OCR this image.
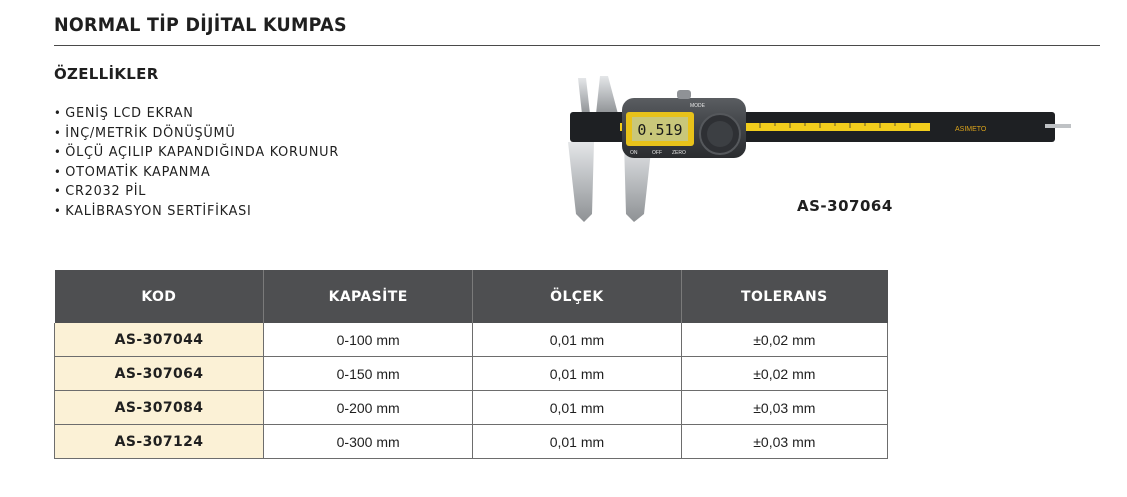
NORMAL TİP DİJİTAL KUMPAS
ÖZELLİKLER
• GENİŞ LCD EKRAN
• İNÇ/METRİK DÖNÜŞÜMÜ
• ÖLÇÜ AÇILIP KAPANDIĞINDA KORUNUR
• OTOMATİK KAPANMA
• CR2032 PİL
• KALİBRASYON SERTİFİKASI
ASIMETO
0.519
MODE
ON	OFF ZERO
AS-307064
KOD	KAPASİTE	ÖLÇEK	TOLERANS
AS-307044	0-100 mm	0,01 mm	±0,02 mm
AS-307064	0-150 mm	0,01 mm	±0,02 mm
AS-307084	0-200 mm	0,01 mm	±0,03 mm
AS-307124	0-300 mm	0,01 mm	±0,03 mm
